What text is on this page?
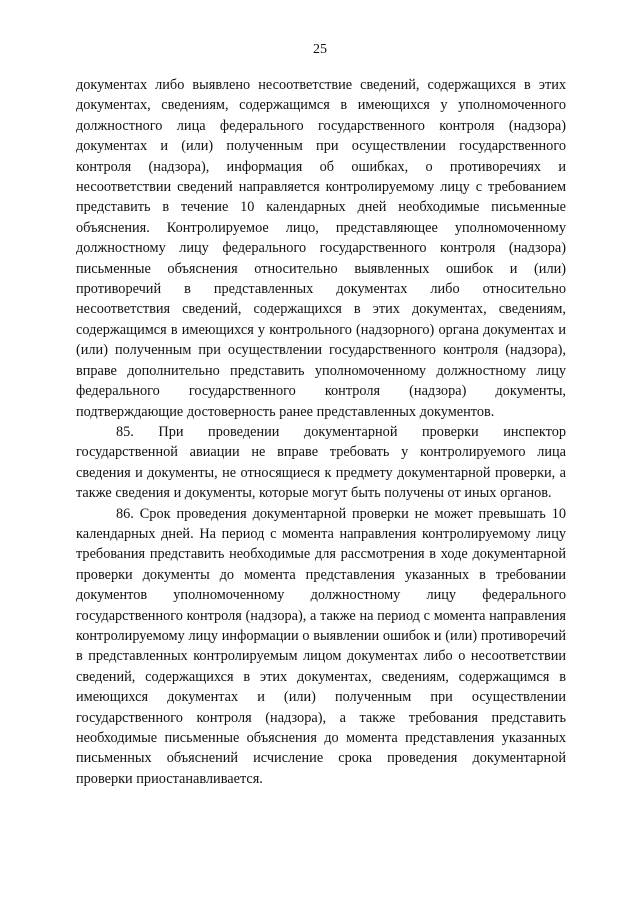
25

документах либо выявлено несоответствие сведений, содержащихся в этих документах, сведениям, содержащимся в имеющихся у уполномоченного должностного лица федерального государственного контроля (надзора) документах и (или) полученным при осуществлении государственного контроля (надзора), информация об ошибках, о противоречиях и несоответствии сведений направляется контролируемому лицу с требованием представить в течение 10 календарных дней необходимые письменные объяснения. Контролируемое лицо, представляющее уполномоченному должностному лицу федерального государственного контроля (надзора) письменные объяснения относительно выявленных ошибок и (или) противоречий в представленных документах либо относительно несоответствия сведений, содержащихся в этих документах, сведениям, содержащимся в имеющихся у контрольного (надзорного) органа документах и (или) полученным при осуществлении государственного контроля (надзора), вправе дополнительно представить уполномоченному должностному лицу федерального государственного контроля (надзора) документы, подтверждающие достоверность ранее представленных документов.

85. При проведении документарной проверки инспектор государственной авиации не вправе требовать у контролируемого лица сведения и документы, не относящиеся к предмету документарной проверки, а также сведения и документы, которые могут быть получены от иных органов.

86. Срок проведения документарной проверки не может превышать 10 календарных дней. На период с момента направления контролируемому лицу требования представить необходимые для рассмотрения в ходе документарной проверки документы до момента представления указанных в требовании документов уполномоченному должностному лицу федерального государственного контроля (надзора), а также на период с момента направления контролируемому лицу информации о выявлении ошибок и (или) противоречий в представленных контролируемым лицом документах либо о несоответствии сведений, содержащихся в этих документах, сведениям, содержащимся в имеющихся документах и (или) полученным при осуществлении государственного контроля (надзора), а также требования представить необходимые письменные объяснения до момента представления указанных письменных объяснений исчисление срока проведения документарной проверки приостанавливается.
